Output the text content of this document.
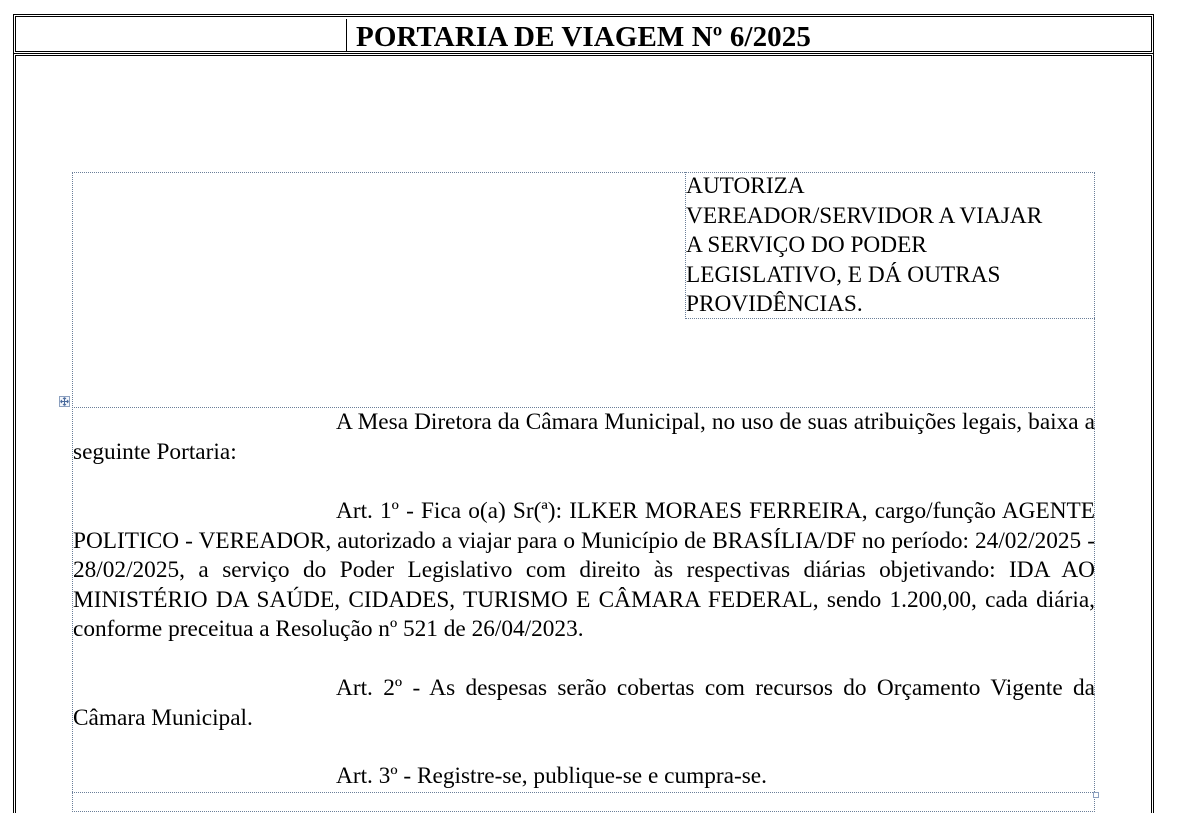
PORTARIA DE VIAGEM Nº 6/2025
AUTORIZA
VEREADOR/SERVIDOR A VIAJAR
A SERVIÇO DO PODER
LEGISLATIVO, E DÁ OUTRAS
PROVIDÊNCIAS.
A Mesa Diretora da Câmara Municipal, no uso de suas atribuições legais, baixa a seguinte Portaria:
Art. 1º - Fica o(a) Sr(ª): ILKER MORAES FERREIRA, cargo/função AGENTE POLITICO - VEREADOR, autorizado a viajar para o Município de BRASÍLIA/DF no período: 24/02/2025 - 28/02/2025, a serviço do Poder Legislativo com direito às respectivas diárias objetivando: IDA AO MINISTÉRIO DA SAÚDE, CIDADES, TURISMO E CÂMARA FEDERAL, sendo 1.200,00, cada diária, conforme preceitua a Resolução nº 521 de 26/04/2023.
Art. 2º - As despesas serão cobertas com recursos do Orçamento Vigente da Câmara Municipal.
Art. 3º - Registre-se, publique-se e cumpra-se.
